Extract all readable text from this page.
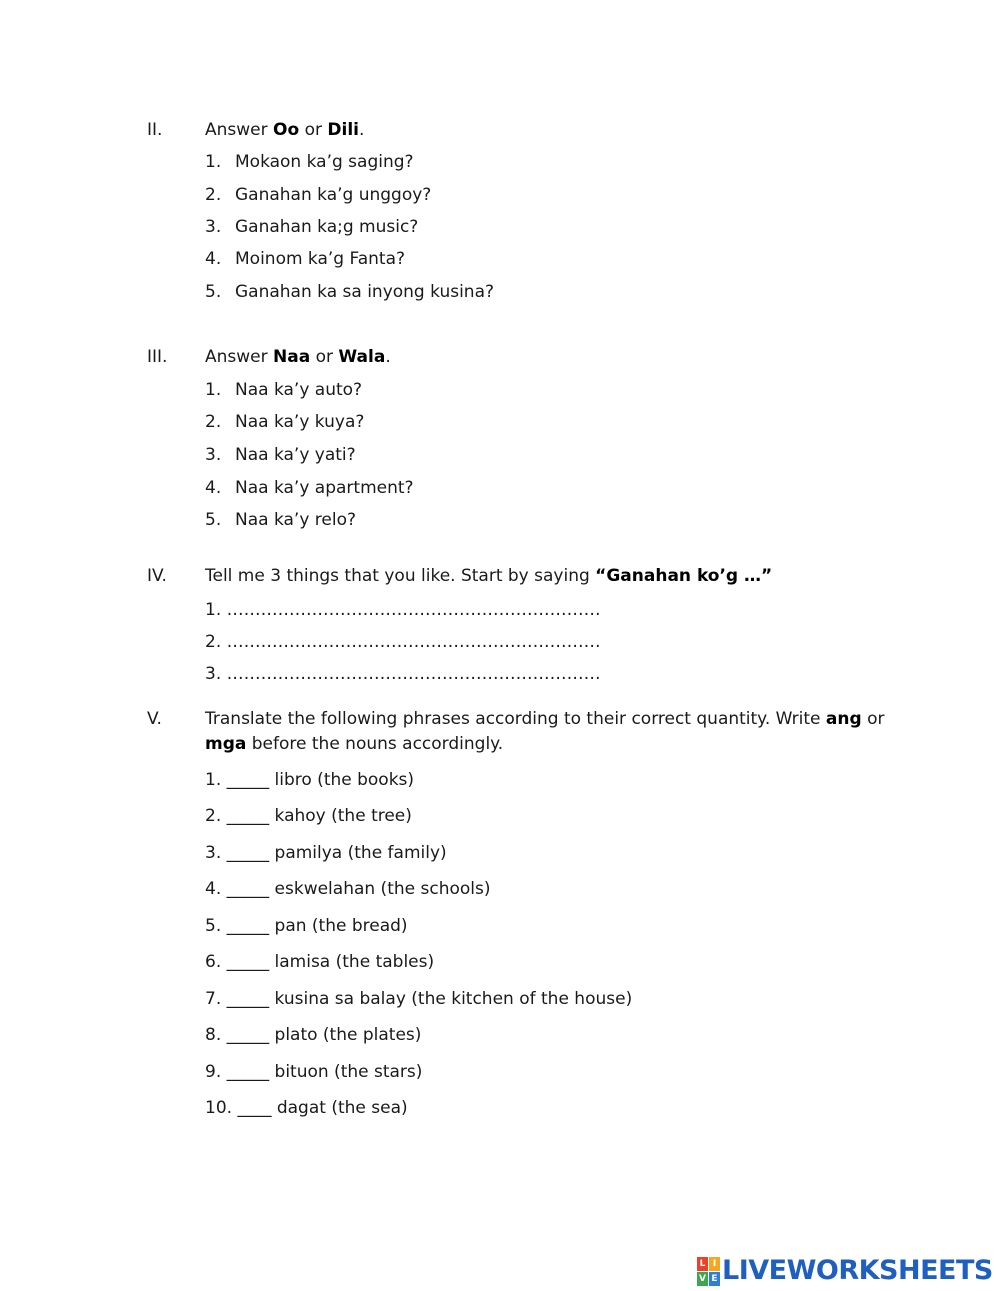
II.	Answer Oo or Dili.
1. Mokaon ka’g saging?
2. Ganahan ka’g unggoy?
3. Ganahan ka;g music?
4. Moinom ka’g Fanta?
5. Ganahan ka sa inyong kusina?
III. Answer Naa or Wala.
1. Naa ka’y auto?
2. Naa ka’y kuya?
3. Naa ka’y yati?
4. Naa ka’y apartment?
5. Naa ka’y relo?
IV. Tell me 3 things that you like. Start by saying “Ganahan ko’g …”
1. …………………………………………………………
2. …………………………………………………………
3. …………………………………………………………
V.	Translate the following phrases according to their correct quantity. Write ang or
mga before the nouns accordingly.
1. _____ libro (the books)
2. _____ kahoy (the tree)
3. _____ pamilya (the family)
4. _____ eskwelahan (the schools)
5. _____ pan (the bread)
6. _____ lamisa (the tables)
7. _____ kusina sa balay (the kitchen of the house)
8. _____ plato (the plates)
9. _____ bituon (the stars)
10. ____ dagat (the sea)
L I
V E LIVEWORKSHEETS
